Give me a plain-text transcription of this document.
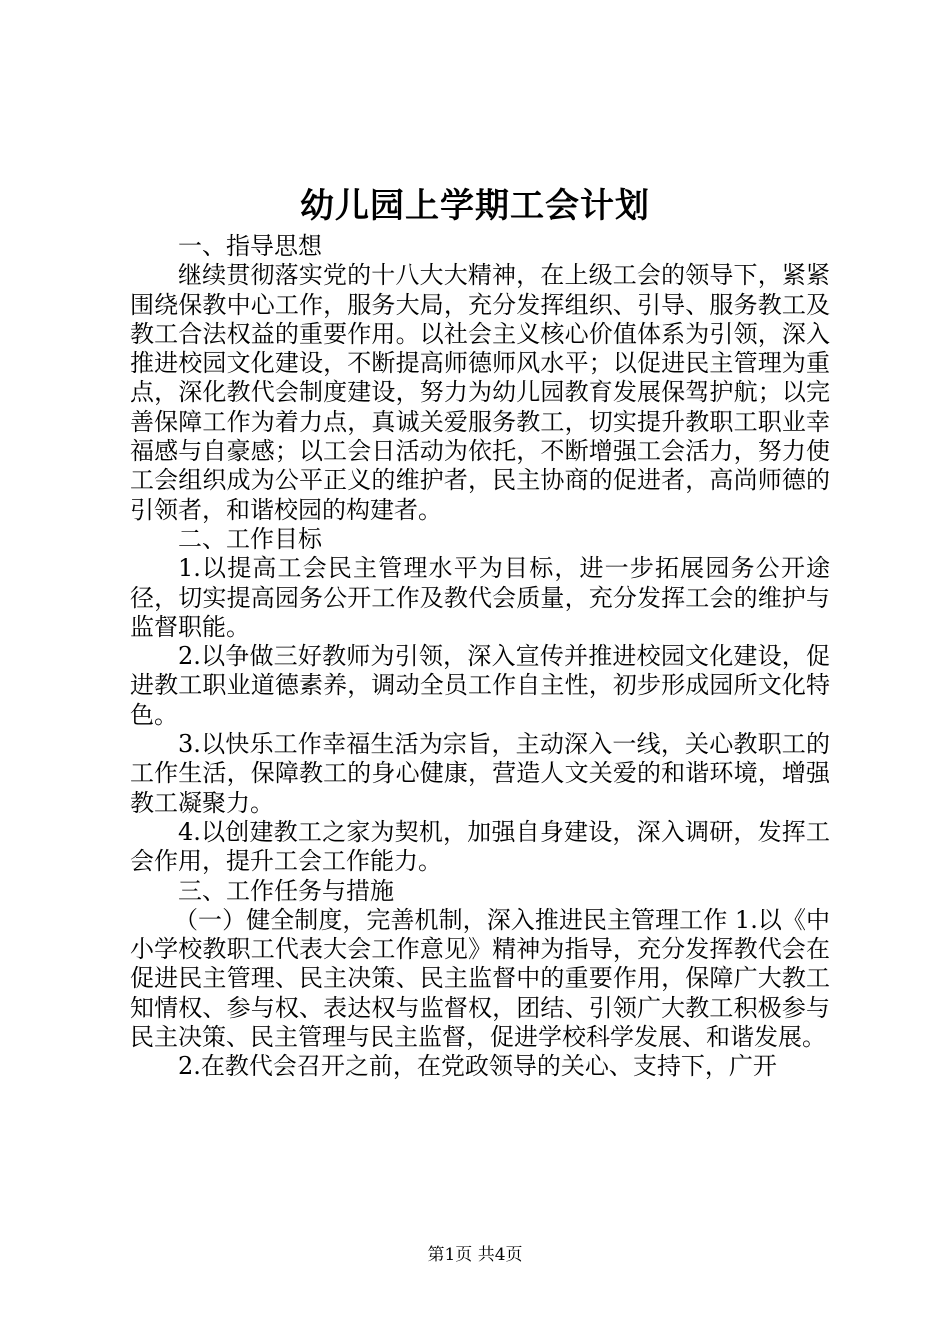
幼儿园上学期工会计划

一、指导思想

继续贯彻落实党的十八大大精神，在上级工会的领导下，紧紧围绕保教中心工作，服务大局，充分发挥组织、引导、服务教工及教工合法权益的重要作用。以社会主义核心价值体系为引领，深入推进校园文化建设，不断提高师德师风水平；以促进民主管理为重点，深化教代会制度建设，努力为幼儿园教育发展保驾护航；以完善保障工作为着力点，真诚关爱服务教工，切实提升教职工职业幸福感与自豪感；以工会日活动为依托，不断增强工会活力，努力使工会组织成为公平正义的维护者，民主协商的促进者，高尚师德的引领者，和谐校园的构建者。

二、工作目标

1.以提高工会民主管理水平为目标，进一步拓展园务公开途径，切实提高园务公开工作及教代会质量，充分发挥工会的维护与监督职能。

2.以争做三好教师为引领，深入宣传并推进校园文化建设，促进教工职业道德素养，调动全员工作自主性，初步形成园所文化特色。

3.以快乐工作幸福生活为宗旨，主动深入一线，关心教职工的工作生活，保障教工的身心健康，营造人文关爱的和谐环境，增强教工凝聚力。

4.以创建教工之家为契机，加强自身建设，深入调研，发挥工会作用，提升工会工作能力。

三、工作任务与措施

（一）健全制度，完善机制，深入推进民主管理工作 1.以《中小学校教职工代表大会工作意见》精神为指导，充分发挥教代会在促进民主管理、民主决策、民主监督中的重要作用，保障广大教工知情权、参与权、表达权与监督权，团结、引领广大教工积极参与民主决策、民主管理与民主监督，促进学校科学发展、和谐发展。

2.在教代会召开之前，在党政领导的关心、支持下，广开

第1页 共4页
